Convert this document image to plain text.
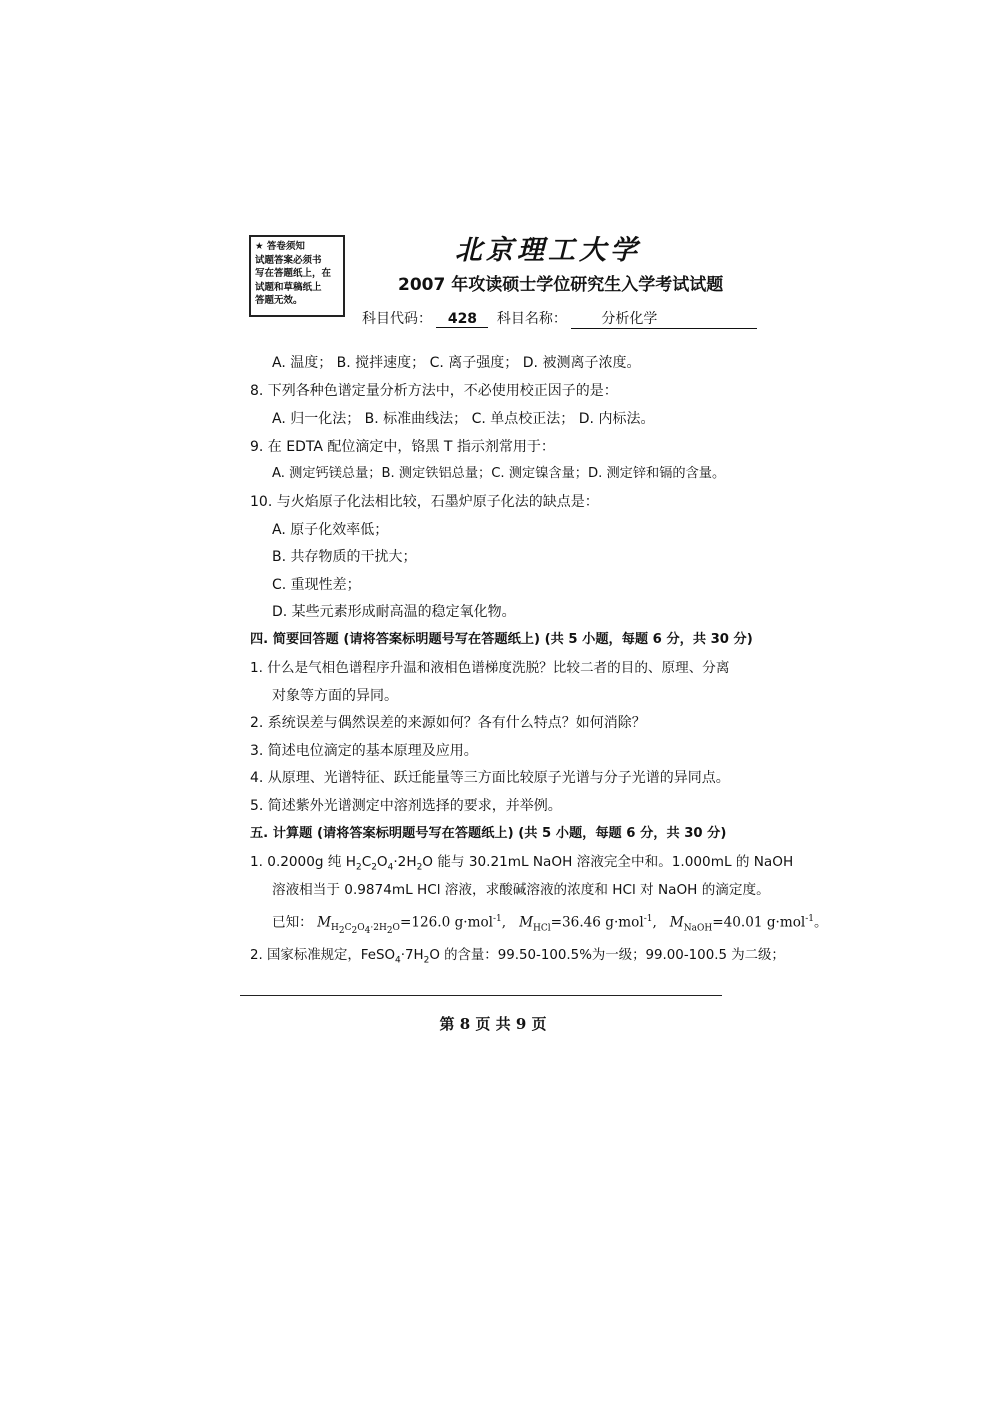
★ 答卷须知
试题答案必须书
写在答题纸上，在
试题和草稿纸上
答题无效。
北京理工大学
2007 年攻读硕士学位研究生入学考试试题
科目代码： 428 科目名称： 分析化学
A. 温度； B. 搅拌速度； C. 离子强度； D. 被测离子浓度。
8. 下列各种色谱定量分析方法中，不必使用校正因子的是：
A. 归一化法； B. 标准曲线法； C. 单点校正法； D. 内标法。
9. 在 EDTA 配位滴定中，铬黑 T 指示剂常用于：
A. 测定钙镁总量；B. 测定铁铝总量；C. 测定镍含量；D. 测定锌和镉的含量。
10. 与火焰原子化法相比较，石墨炉原子化法的缺点是：
A. 原子化效率低；
B. 共存物质的干扰大；
C. 重现性差；
D. 某些元素形成耐高温的稳定氧化物。
四. 简要回答题 (请将答案标明题号写在答题纸上) (共 5 小题，每题 6 分，共 30 分)
1. 什么是气相色谱程序升温和液相色谱梯度洗脱？比较二者的目的、原理、分离
对象等方面的异同。
2. 系统误差与偶然误差的来源如何？各有什么特点？如何消除？
3. 简述电位滴定的基本原理及应用。
4. 从原理、光谱特征、跃迁能量等三方面比较原子光谱与分子光谱的异同点。
5. 简述紫外光谱测定中溶剂选择的要求，并举例。
五. 计算题 (请将答案标明题号写在答题纸上) (共 5 小题，每题 6 分，共 30 分)
1. 0.2000g 纯 $H_2C_2O_4\cdot 2H_2O$ 能与 30.21mL NaOH 溶液完全中和。1.000mL 的 NaOH
溶液相当于 0.9874mL HCl 溶液，求酸碱溶液的浓度和 HCl 对 NaOH 的滴定度。
已知： $M_{H_2C_2O_4\cdot 2H_2O}=126.0$ g·mol$^{-1}$,   $M_{HCl}=36.46$ g·mol$^{-1}$,   $M_{NaOH}=40.01$ g·mol$^{-1}$。
2. 国家标准规定，$FeSO_4\cdot 7H_2O$ 的含量：99.50-100.5%为一级；99.00-100.5 为二级；
第 8 页 共 9 页
